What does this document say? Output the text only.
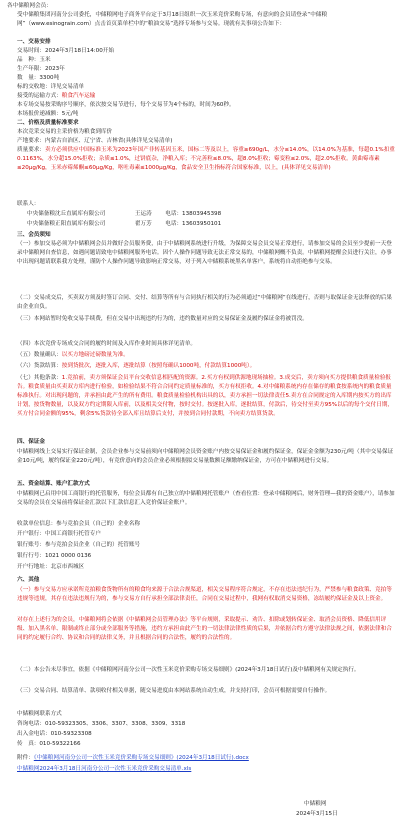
各中储粮网会员：
受中储粮集团河南分公司委托，中储粮网电子商务平台定于3月18日组织一次玉米竞价采购专场，有意向的会员请登录“中储粮网”（www.esinograin.com）点击首页菜单栏中的“粮油交易”选择专场参与交易。现就有关事项公告如下：
一、交易安排
交易时间：2024年3月18日14:00开始
品　种：玉米
生产年限：2023年
数　量：3300吨
标的交收地：详见交易清单
接受的运输方式：粮食汽车运输
本专场交易按采购序号顺序，依次按交易节进行，每个交易节为4个标的，时间为60秒。
本场报价递减额：5元/吨
二、价格及质量标准要求
本次竞采交易的主采价格为粮食到库价
产地要求：内蒙古自治区、辽宁省、吉林省(具体详见交易清单)
质量要求：卖方必须供应中国标准玉米为2023年国产非转基因玉米，国标二等及以上，容重≥690g/L，水分≤14.0%，以14.0%为基准，每超0.1%扣重0.1163%，水分超15.0%拒收；杂质≤1.0%，过饼底杂，净粮入库；不完善粒≤8.0%，超8.0%拒收；霉变粒≤2.0%，超2.0%拒收。黄曲霉毒素≤20μg/Kg，玉米赤霉烯酮≤60μg/Kg，呕吐毒素≤1000μg/Kg，食品安全卫生指标符合国家标准，以上，(具体详见交易清单)
联系人：
中央储备粮沈丘直属库有限公司	王运涛 电话：13803945398
中央储备粮正阳直属库有限公司	翟万芳 电话：13603950101
三、会员须知
（一）参加交易必须为中储粮网会员并做好会员服务费，由于中储粮网系统进行升级，为保障交易会员交易正常进行，请参加交易的会员至少提前一天登录中储粮网自查信息，如遇问题请致电中储粮网服务电话。因个人操作问题导致无法正常交易的，中储粮网概不负责。中储粮网提醒会员进行关注，办事中出现问题请联系我方处理，谨防个人操作问题导致影响正常交易，对于列入中储粮系统黑名单客户，系统将自动拒绝参与交易。
（二）交易成交后，买卖双方须及时签订合同、交付、结算等所有与合同执行相关的行为必须通过“中储粮网”在线进行，否则与取保证金无法释放的后果由企业自负。
（三）本网站暂时免收交易手续费，但在交易中出现违约行为的，违约数量对应的交易保证金及履约保证金将被罚没。
（四）本次竞价专场成交合同的履约时间及入库作业时间具体详见清单。
（五）数量确认：以买方地磅过磅数量为准。
（六）货款结算：按到货批次，逐批入库，逐批结算（按照每确认1000吨，付款结算1000吨）。
（七）其他条款：1.竞拍前，卖方须保证会员平台交收信息相匹配的资源。2.买方有权到供源地现场抽检。3.成交后，卖方须向买方提供粮食质量检验报告。粮食质量由买卖双方库内进行检验，如检验结果不符合合同约定质量标准的，买方有权拒收。4.对中储粮系统内存在储存的粮食按系统内的粮食质量标准执行。对出现问题的，并承担由此产生的所有费用。粮食质量检验机构出具的以，卖方承担一切法律责任5.卖方在合同规定的入库期内按买方的出库计划，按货物数量，以及双方约定期限入库前，以及相关交付物，按时交付。按逐批入库，逐批结算，付款后，待交付至卖方95%以后的每个交付日期，买方付合同金额的95%，剩余5%货款待全部入库且结算后支付，并按到合同付款期，不向卖方结算货款。
四、保证金
中储粮网线上交易实行保证金制，会员企业参与交易前须向中储粮网会员资金账户内按交易保证金和履约保证金，保证金金额为230元/吨（其中交易保证金10元/吨，履约保证金220元/吨），有竞价意向的会员企业必须根据拟交易量数额足额缴纳保证金，方可在中储粮网进行交易。
五、资金结算、账户汇款方式
中储粮网已启用中国工商银行的托管服务，每位会员都有自己独立的中储粮网托管账户（查看位置：登录中储粮网后，财务管理—我的资金账户），请参加交易的会员在交易前将保证金汇款以下汇款信息汇入竞价保证金账户。
收款单位信息：参与竞拍会员（自己的）企业名称
开户银行：中国工商银行托管专户
银行账号：参与竞拍会员企业（自己的）托管账号
银行行号：1021 0000 0136
开户行地址：北京市西城区
六、其他
（一）参与交易方应承诺所竞拍粮食货物所有的粮食均来源于合法合规渠道，相关交易程序符合规定，不存在违法违纪行为，严禁参与粮食政策、竞拍等违规等违规，其存在违法违规行为的，参与交易方自行承担全部法律责任，合同在交易过程中，我网有权取消交易资格，冻结履约保证金及以上资金。
对存在上述行为的会员，中储粮网将会依据《中储粮网会员管理办法》等平台规则，采取提示、劝告、扣除或划转保证金、取消会员资格、降低信用评级、加入黑名单、限制或终止部分或全部服务等措施，违约方承担由此产生的一切法律法律性质的后果，并依据合约方遵守法律法规之间，依据法律和合同的约定履行合约、协议和合同的法律义务，并且根据合同的合法性，履约的合法性的。
（二）本公告未尽事宜，依据《中储粮网河南分公司一次性玉米竞价采购专场交易细则》(2024年3月18日试行)及中储粮网有关规定执行。
（三）交易合同、结算清单、款项收付相关单据，随交易进度由本网站系统自动生成，并支持打印，会员可根据需要自行操作。
中储粮网联系方式
咨询电话：010-59323305、3306、3307、3308、3309、3318
出入金电话：010-59323308
传　真：010-59322166
附件：《中储粮网河南分公司一次性玉米竞价采购专场交易细则》(2024年3月18日试行).docx
中储粮网2024年3月18日河南分公司一次性玉米竞价采购交易清单.xls
中储粮网
2024年3月15日
